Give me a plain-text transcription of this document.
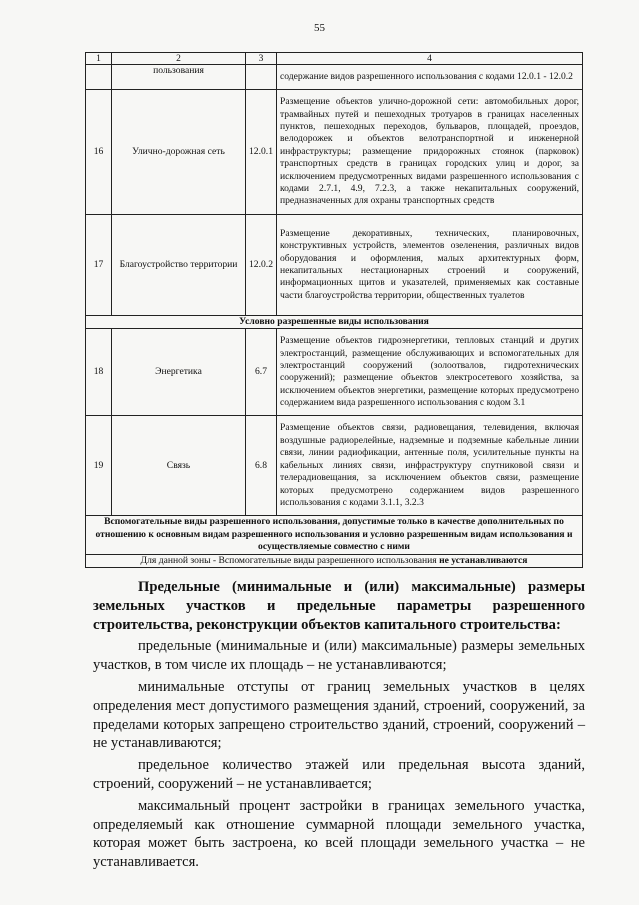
55
1	2	3	4
	пользования		содержание видов разрешенного использования с кодами 12.0.1 - 12.0.2
16	Улично-дорожная сеть	12.0.1	Размещение объектов улично-дорожной сети: автомобильных дорог, трамвайных путей и пешеходных тротуаров в границах населенных пунктов, пешеходных переходов, бульваров, площадей, проездов, велодорожек и объектов велотранспортной и инженерной инфраструктуры; размещение придорожных стоянок (парковок) транспортных средств в границах городских улиц и дорог, за исключением предусмотренных видами разрешенного использования с кодами 2.7.1, 4.9, 7.2.3, а также некапитальных сооружений, предназначенных для охраны транспортных средств
17	Благоустройство территории	12.0.2	Размещение декоративных, технических, планировочных, конструктивных устройств, элементов озеленения, различных видов оборудования и оформления, малых архитектурных форм, некапитальных нестационарных строений и сооружений, информационных щитов и указателей, применяемых как составные части благоустройства территории, общественных туалетов
Условно разрешенные виды использования			
18	Энергетика	6.7	Размещение объектов гидроэнергетики, тепловых станций и других электростанций, размещение обслуживающих и вспомогательных для электростанций сооружений (золоотвалов, гидротехнических сооружений); размещение объектов электросетевого хозяйства, за исключением объектов энергетики, размещение которых предусмотрено содержанием вида разрешенного использования с кодом 3.1
19	Связь	6.8	Размещение объектов связи, радиовещания, телевидения, включая воздушные радиорелейные, надземные и подземные кабельные линии связи, линии радиофикации, антенные поля, усилительные пункты на кабельных линиях связи, инфраструктуру спутниковой связи и телерадиовещания, за исключением объектов связи, размещение которых предусмотрено содержанием видов разрешенного использования с кодами 3.1.1, 3.2.3
Вспомогательные виды разрешенного использования, допустимые только в качестве дополнительных по отношению к основным видам разрешенного использования и условно разрешенным видам использования и осуществляемые совместно с ними			
Для данной зоны - Вспомогательные виды разрешенного использования не устанавливаются			

Предельные (минимальные и (или) максимальные) размеры земельных участков и предельные параметры разрешенного строительства, реконструкции объектов капитального строительства:

предельные (минимальные и (или) максимальные) размеры земельных участков, в том числе их площадь – не устанавливаются;

минимальные отступы от границ земельных участков в целях определения мест допустимого размещения зданий, строений, сооружений, за пределами которых запрещено строительство зданий, строений, сооружений – не устанавливаются;

предельное количество этажей или предельная высота зданий, строений, сооружений – не устанавливается;

максимальный процент застройки в границах земельного участка, определяемый как отношение суммарной площади земельного участка, которая может быть застроена, ко всей площади земельного участка – не устанавливается.
